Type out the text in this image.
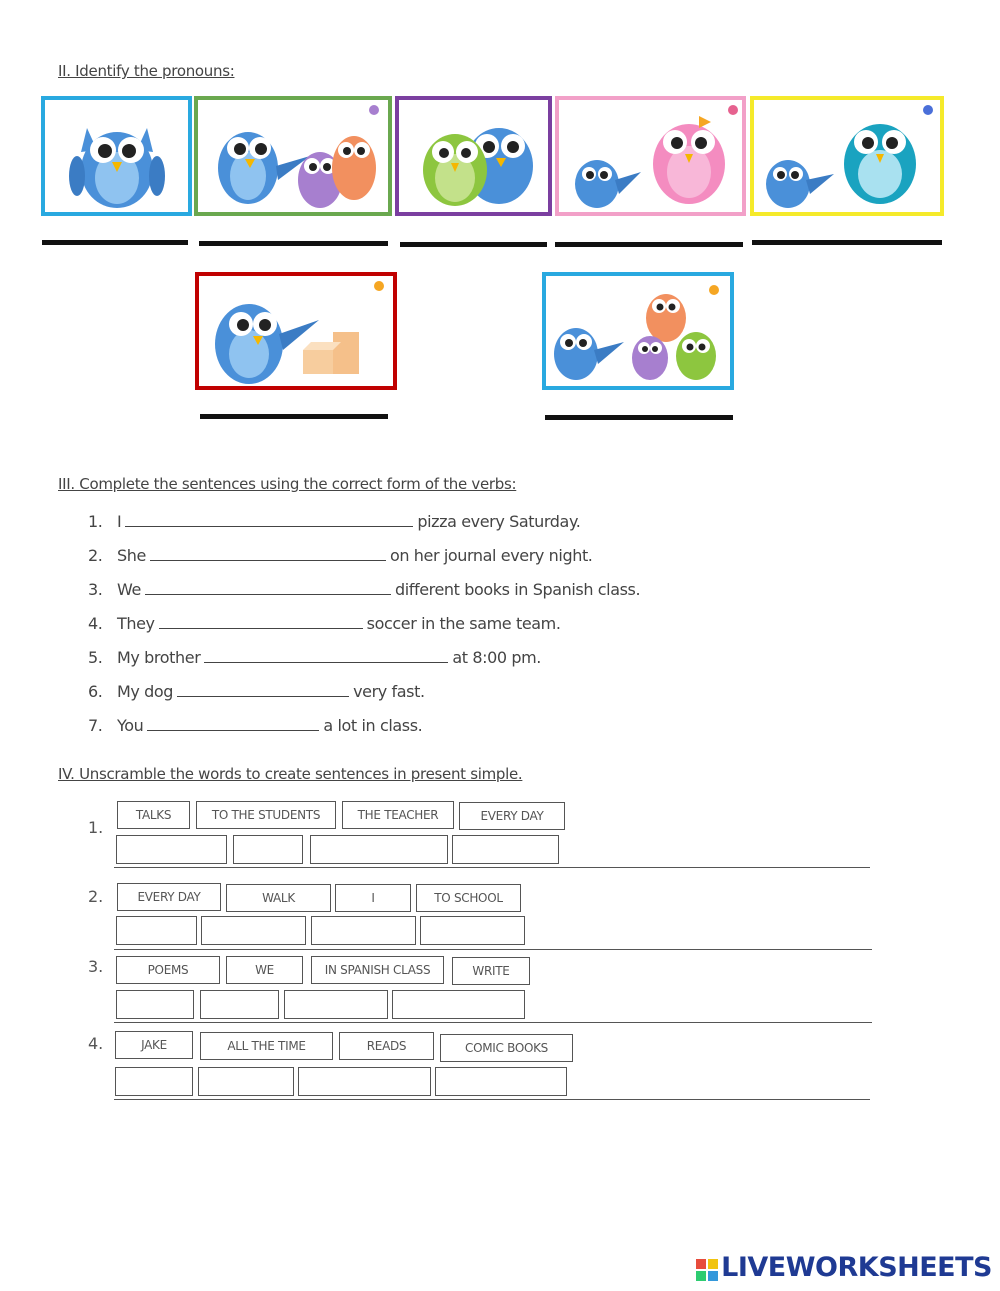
II. Identify the pronouns:
III. Complete the sentences using the correct form of the verbs:
1. I	pizza every Saturday.
2. She	on her journal every night.
3. We	different books in Spanish class.
4. They	soccer in the same team.
5. My brother	at 8:00 pm.
6. My dog	very fast.
7. You	a lot in class.
IV. Unscramble the words to create sentences in present simple.
1.
TALKS	TO THE STUDENTS	THE TEACHER	EVERY DAY
2.	EVERY DAY	WALK	I	TO SCHOOL
3.	POEMS	WE	IN SPANISH CLASS	WRITE
4.	JAKE	ALL THE TIME	READS	COMIC BOOKS
LIVEWORKSHEETS
